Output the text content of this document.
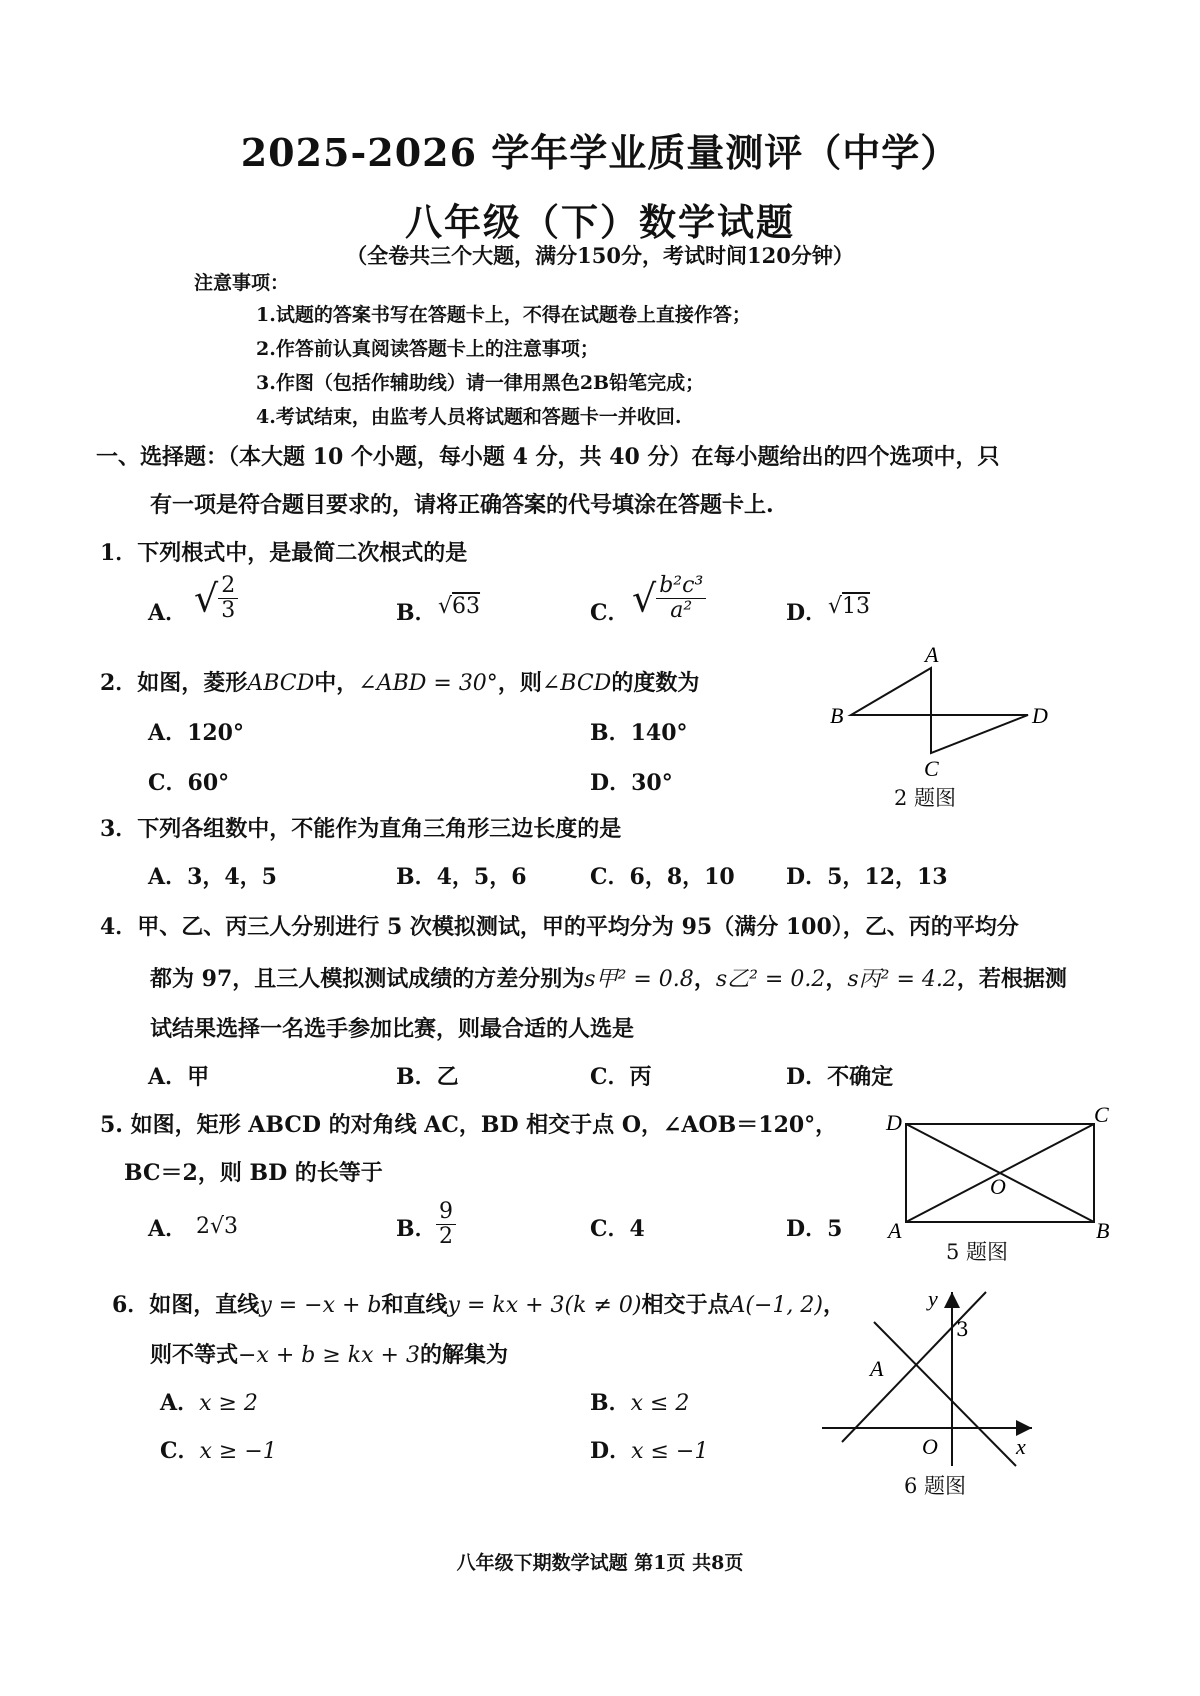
2025-2026 学年学业质量测评（中学）
八年级（下）数学试题
（全卷共三个大题，满分150分，考试时间120分钟）
注意事项：
1.试题的答案书写在答题卡上，不得在试题卷上直接作答；
2.作答前认真阅读答题卡上的注意事项；
3.作图（包括作辅助线）请一律用黑色2B铅笔完成；
4.考试结束，由监考人员将试题和答题卡一并收回.
一、选择题：（本大题 10 个小题，每小题 4 分，共 40 分）在每小题给出的四个选项中，只
有一项是符合题目要求的，请将正确答案的代号填涂在答题卡上.
1．下列根式中，是最简二次根式的是
A． √ $\frac{2}{3}$	B． √63	C． √ $\frac{\text{b²c³}}{\text{a²}}$	D． √13
2．如图，菱形ABCD中，∠ABD = 30°，则∠BCD的度数为
A．120°	B．140°
C．60°	D．30°
A
B
C
D
2 题图
3．下列各组数中，不能作为直角三角形三边长度的是
A．3，4，5	B．4，5，6	C．6，8，10 D．5，12，13
4．甲、乙、丙三人分别进行 5 次模拟测试，甲的平均分为 95（满分 100），乙、丙的平均分
都为 97，且三人模拟测试成绩的方差分别为s甲² = 0.8，s乙² = 0.2，s丙² = 4.2，若根据测
试结果选择一名选手参加比赛，则最合适的人选是
A．甲	B．乙	C．丙	D．不确定
5. 如图，矩形 ABCD 的对角线 AC，BD 相交于点 O，∠AOB＝120°，
BC＝2，则 BD 的长等于
A． 2√3	B． $\frac{9}{2}$	C．4	D．5
D	C
O
A	B
5 题图
6．如图，直线y = −x + b和直线y = kx + 3(k ≠ 0)相交于点A(−1, 2)，
则不等式−x + b ≥ kx + 3的解集为
A．x ≥ 2	B．x ≤ 2
C．x ≥ −1	D．x ≤ −1
y
x
O
A
3
6 题图
八年级下期数学试题 第1页 共8页
